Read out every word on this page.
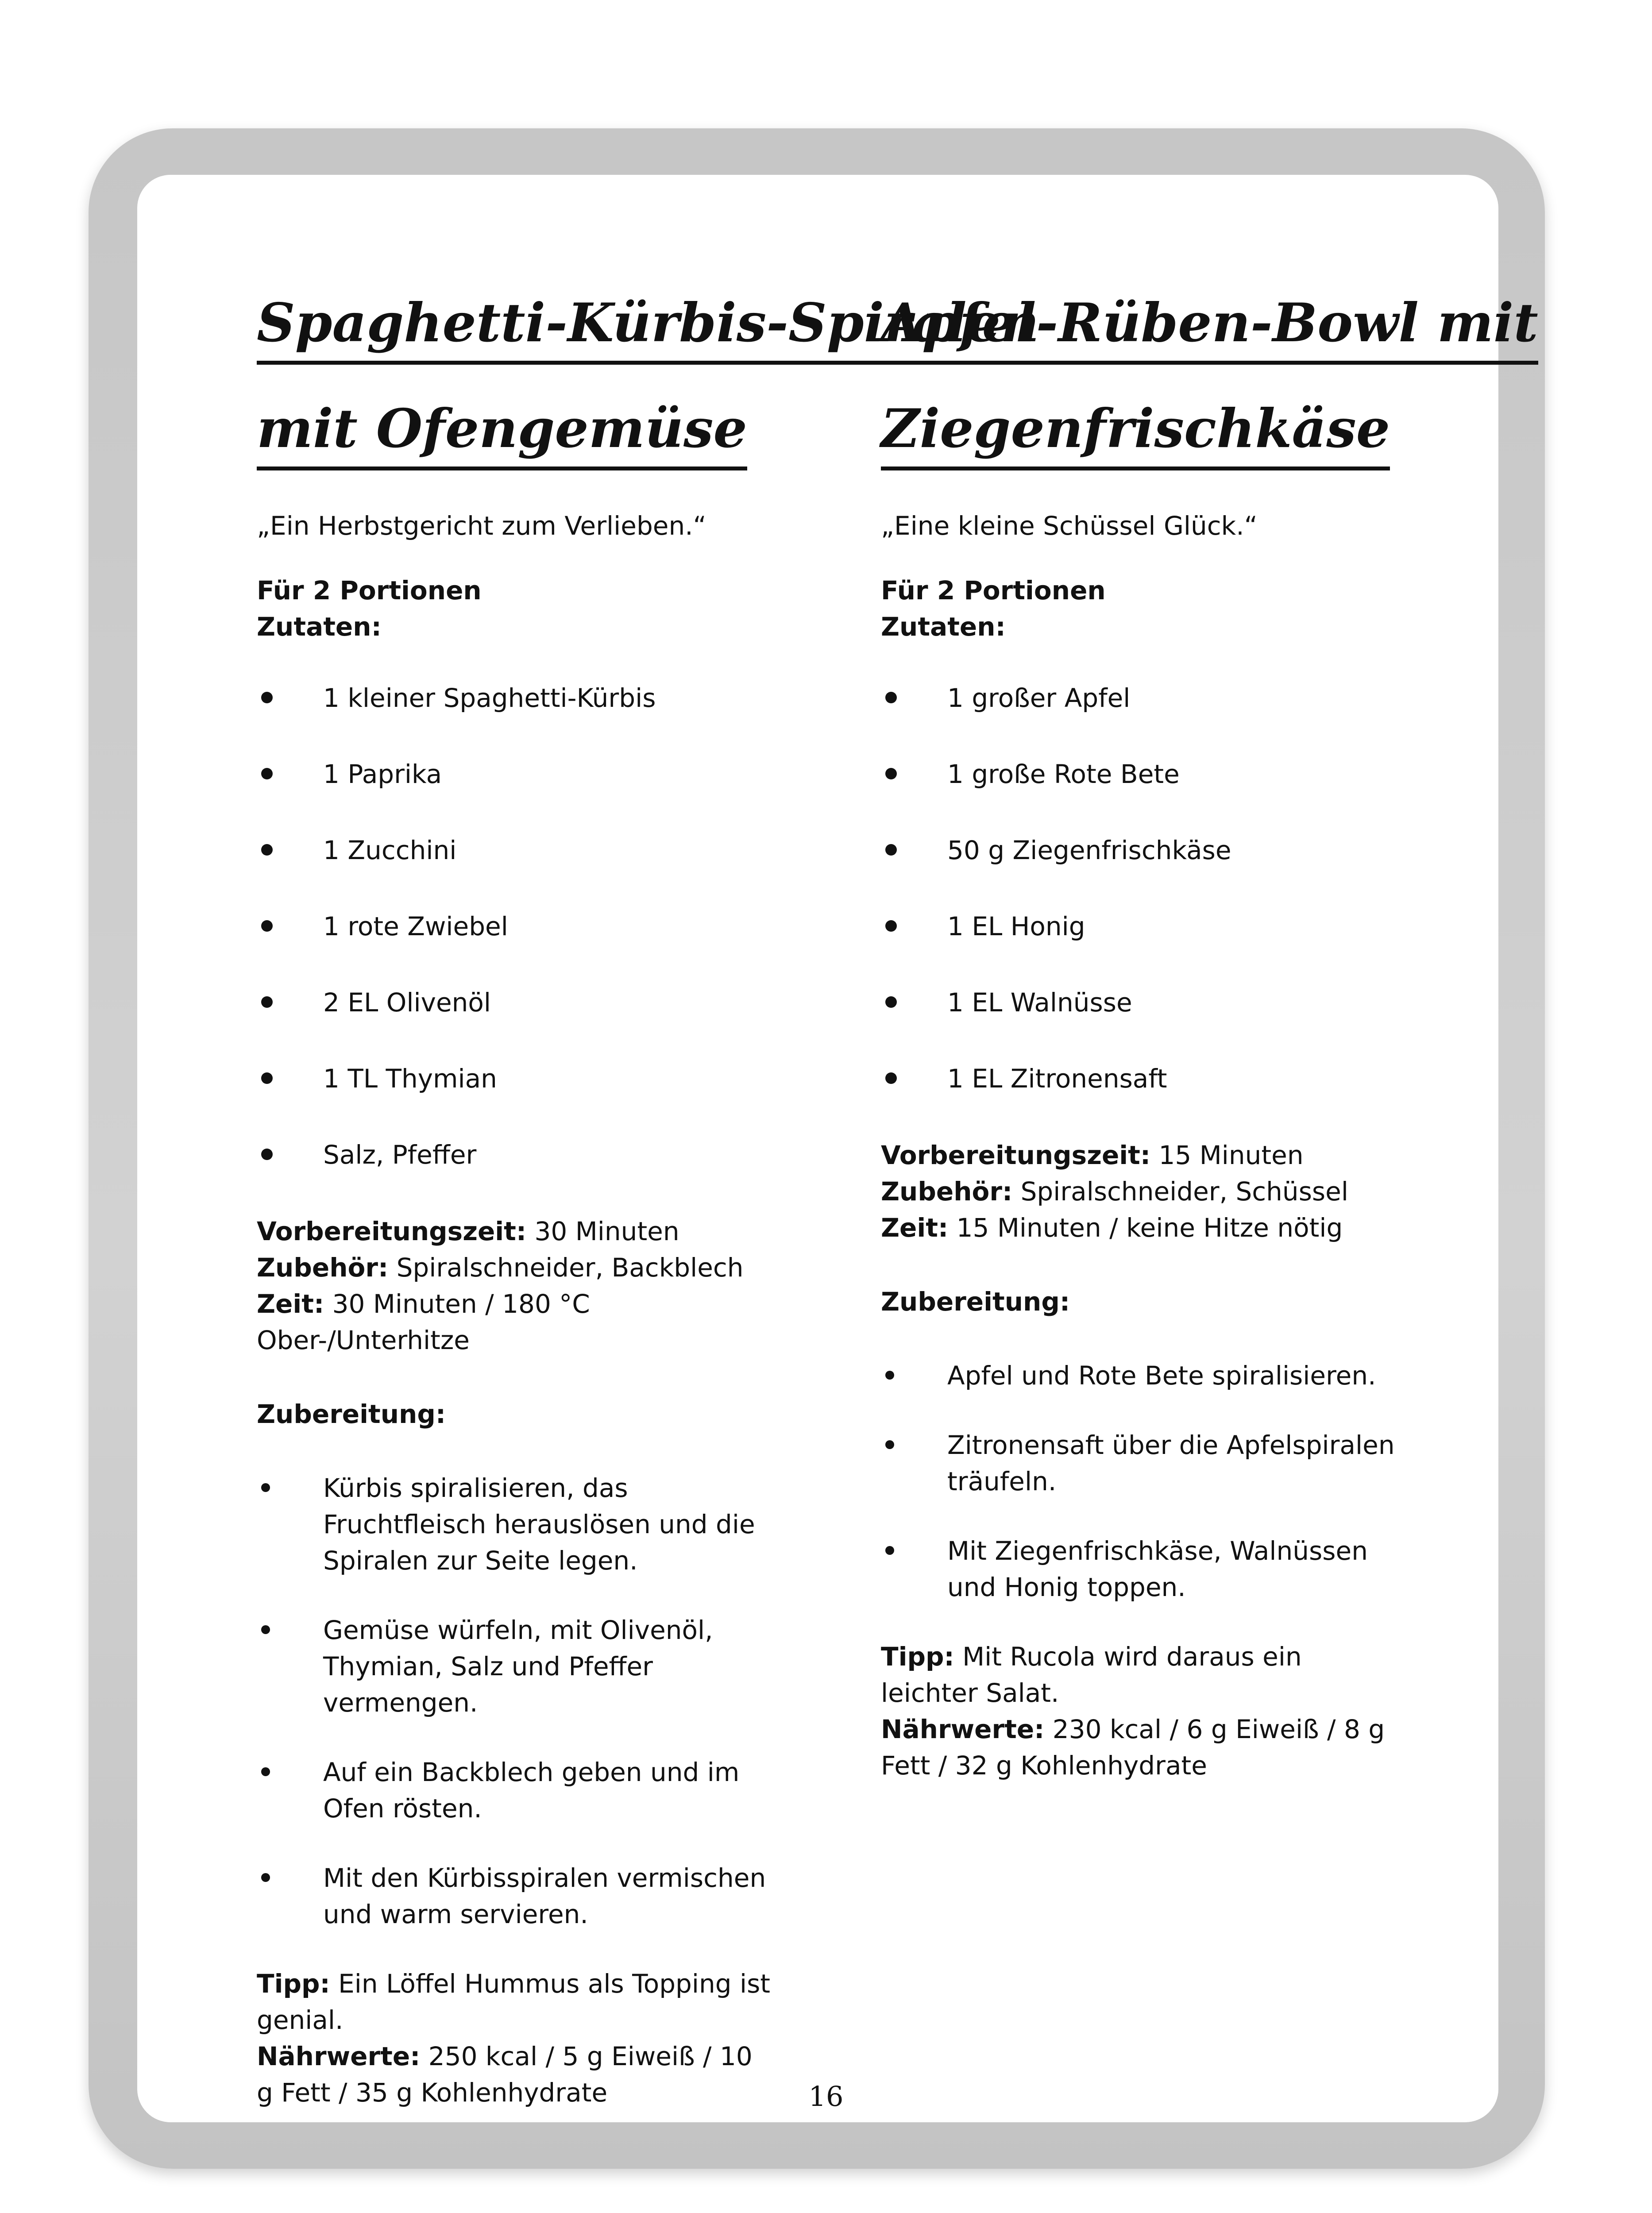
Spaghetti-Kürbis-Spiralen
mit Ofengemüse

„Ein Herbstgericht zum Verlieben.“

Für 2 Portionen

Zutaten:

1 kleiner Spaghetti-Kürbis
1 Paprika
1 Zucchini
1 rote Zwiebel
2 EL Olivenöl
1 TL Thymian
Salz, Pfeffer

Vorbereitungszeit: 30 Minuten

Zubehör: Spiralschneider, Backblech

Zeit: 30 Minuten / 180 °C Ober-/Unterhitze

Zubereitung:

Kürbis spiralisieren, das Fruchtfleisch herauslösen und die Spiralen zur Seite legen.
Gemüse würfeln, mit Olivenöl, Thymian, Salz und Pfeffer vermengen.
Auf ein Backblech geben und im Ofen rösten.
Mit den Kürbisspiralen vermischen und warm servieren.

Tipp: Ein Löffel Hummus als Topping ist genial.

Nährwerte: 250 kcal / 5 g Eiweiß / 10 g Fett / 35 g Kohlenhydrate

Apfel-Rüben-Bowl mit
Ziegenfrischkäse

„Eine kleine Schüssel Glück.“

Für 2 Portionen

Zutaten:

1 großer Apfel
1 große Rote Bete
50 g Ziegenfrischkäse
1 EL Honig
1 EL Walnüsse
1 EL Zitronensaft

Vorbereitungszeit: 15 Minuten

Zubehör: Spiralschneider, Schüssel

Zeit: 15 Minuten / keine Hitze nötig

Zubereitung:

Apfel und Rote Bete spiralisieren.
Zitronensaft über die Apfelspiralen träufeln.
Mit Ziegenfrischkäse, Walnüssen und Honig toppen.

Tipp: Mit Rucola wird daraus ein leichter Salat.

Nährwerte: 230 kcal / 6 g Eiweiß / 8 g Fett / 32 g Kohlenhydrate

16
